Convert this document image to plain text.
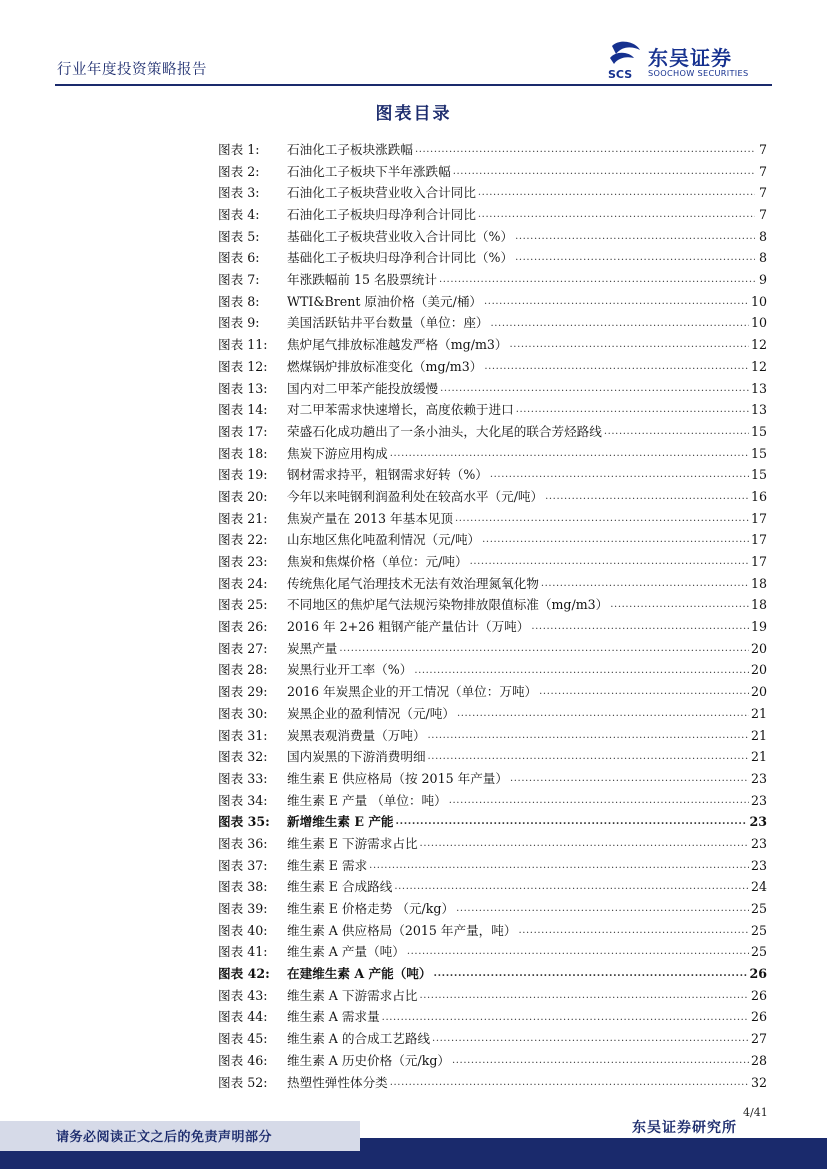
行业年度投资策略报告	SCS
东吴证券
SOOCHOW SECURITIES
图表目录
图表 1:	石油化工子板块涨跌幅 .....	7
图表 2:	石油化工子板块下半年涨跌幅 .....	7
图表 3:	石油化工子板块营业收入合计同比 .....	7
图表 4:	石油化工子板块归母净利合计同比 .....	7
图表 5:	基础化工子板块营业收入合计同比（%） .....	8
图表 6:	基础化工子板块归母净利合计同比（%） .....	8
图表 7:	年涨跌幅前 15 名股票统计 .....	9
图表 8:	WTI&Brent 原油价格（美元/桶） .....	10
图表 9:	美国活跃钻井平台数量（单位：座） .....	10
图表 11:	焦炉尾气排放标准越发严格（mg/m3） .....	12
图表 12:	燃煤锅炉排放标准变化（mg/m3） .....	12
图表 13:	国内对二甲苯产能投放缓慢 .....	13
图表 14:	对二甲苯需求快速增长，高度依赖于进口 .....	13
图表 17:	荣盛石化成功趟出了一条小油头，大化尾的联合芳烃路线 .....	15
图表 18:	焦炭下游应用构成 .....	15
图表 19:	钢材需求持平，粗钢需求好转（%） .....	15
图表 20:	今年以来吨钢利润盈利处在较高水平（元/吨） .....	16
图表 21:	焦炭产量在 2013 年基本见顶 .....	17
图表 22:	山东地区焦化吨盈利情况（元/吨） .....	17
图表 23:	焦炭和焦煤价格（单位：元/吨） .....	17
图表 24:	传统焦化尾气治理技术无法有效治理氮氧化物 .....	18
图表 25:	不同地区的焦炉尾气法规污染物排放限值标准（mg/m3） .....	18
图表 26:	2016 年 2+26 粗钢产能产量估计（万吨） .....	19
图表 27:	炭黑产量 .....	20
图表 28:	炭黑行业开工率（%） .....	20
图表 29:	2016 年炭黑企业的开工情况（单位：万吨） .....	20
图表 30:	炭黑企业的盈利情况（元/吨） .....	21
图表 31:	炭黑表观消费量（万吨） .....	21
图表 32:	国内炭黑的下游消费明细 .....	21
图表 33:	维生素 E 供应格局（按 2015 年产量） .....	23
图表 34:	维生素 E 产量 （单位：吨） .....	23
图表 35:	新增维生素 E 产能 .....	23
图表 36:	维生素 E 下游需求占比 .....	23
图表 37:	维生素 E 需求 .....	23
图表 38:	维生素 E 合成路线 .....	24
图表 39:	维生素 E 价格走势 （元/kg） .....	25
图表 40:	维生素 A 供应格局（2015 年产量，吨） .....	25
图表 41:	维生素 A 产量（吨） .....	25
图表 42:	在建维生素 A 产能（吨） .....	26
图表 43:	维生素 A 下游需求占比 .....	26
图表 44:	维生素 A 需求量 .....	26
图表 45:	维生素 A 的合成工艺路线 .....	27
图表 46:	维生素 A 历史价格（元/kg） .....	28
图表 52:	热塑性弹性体分类 .....	32
4/41
东吴证券研究所
请务必阅读正文之后的免责声明部分
